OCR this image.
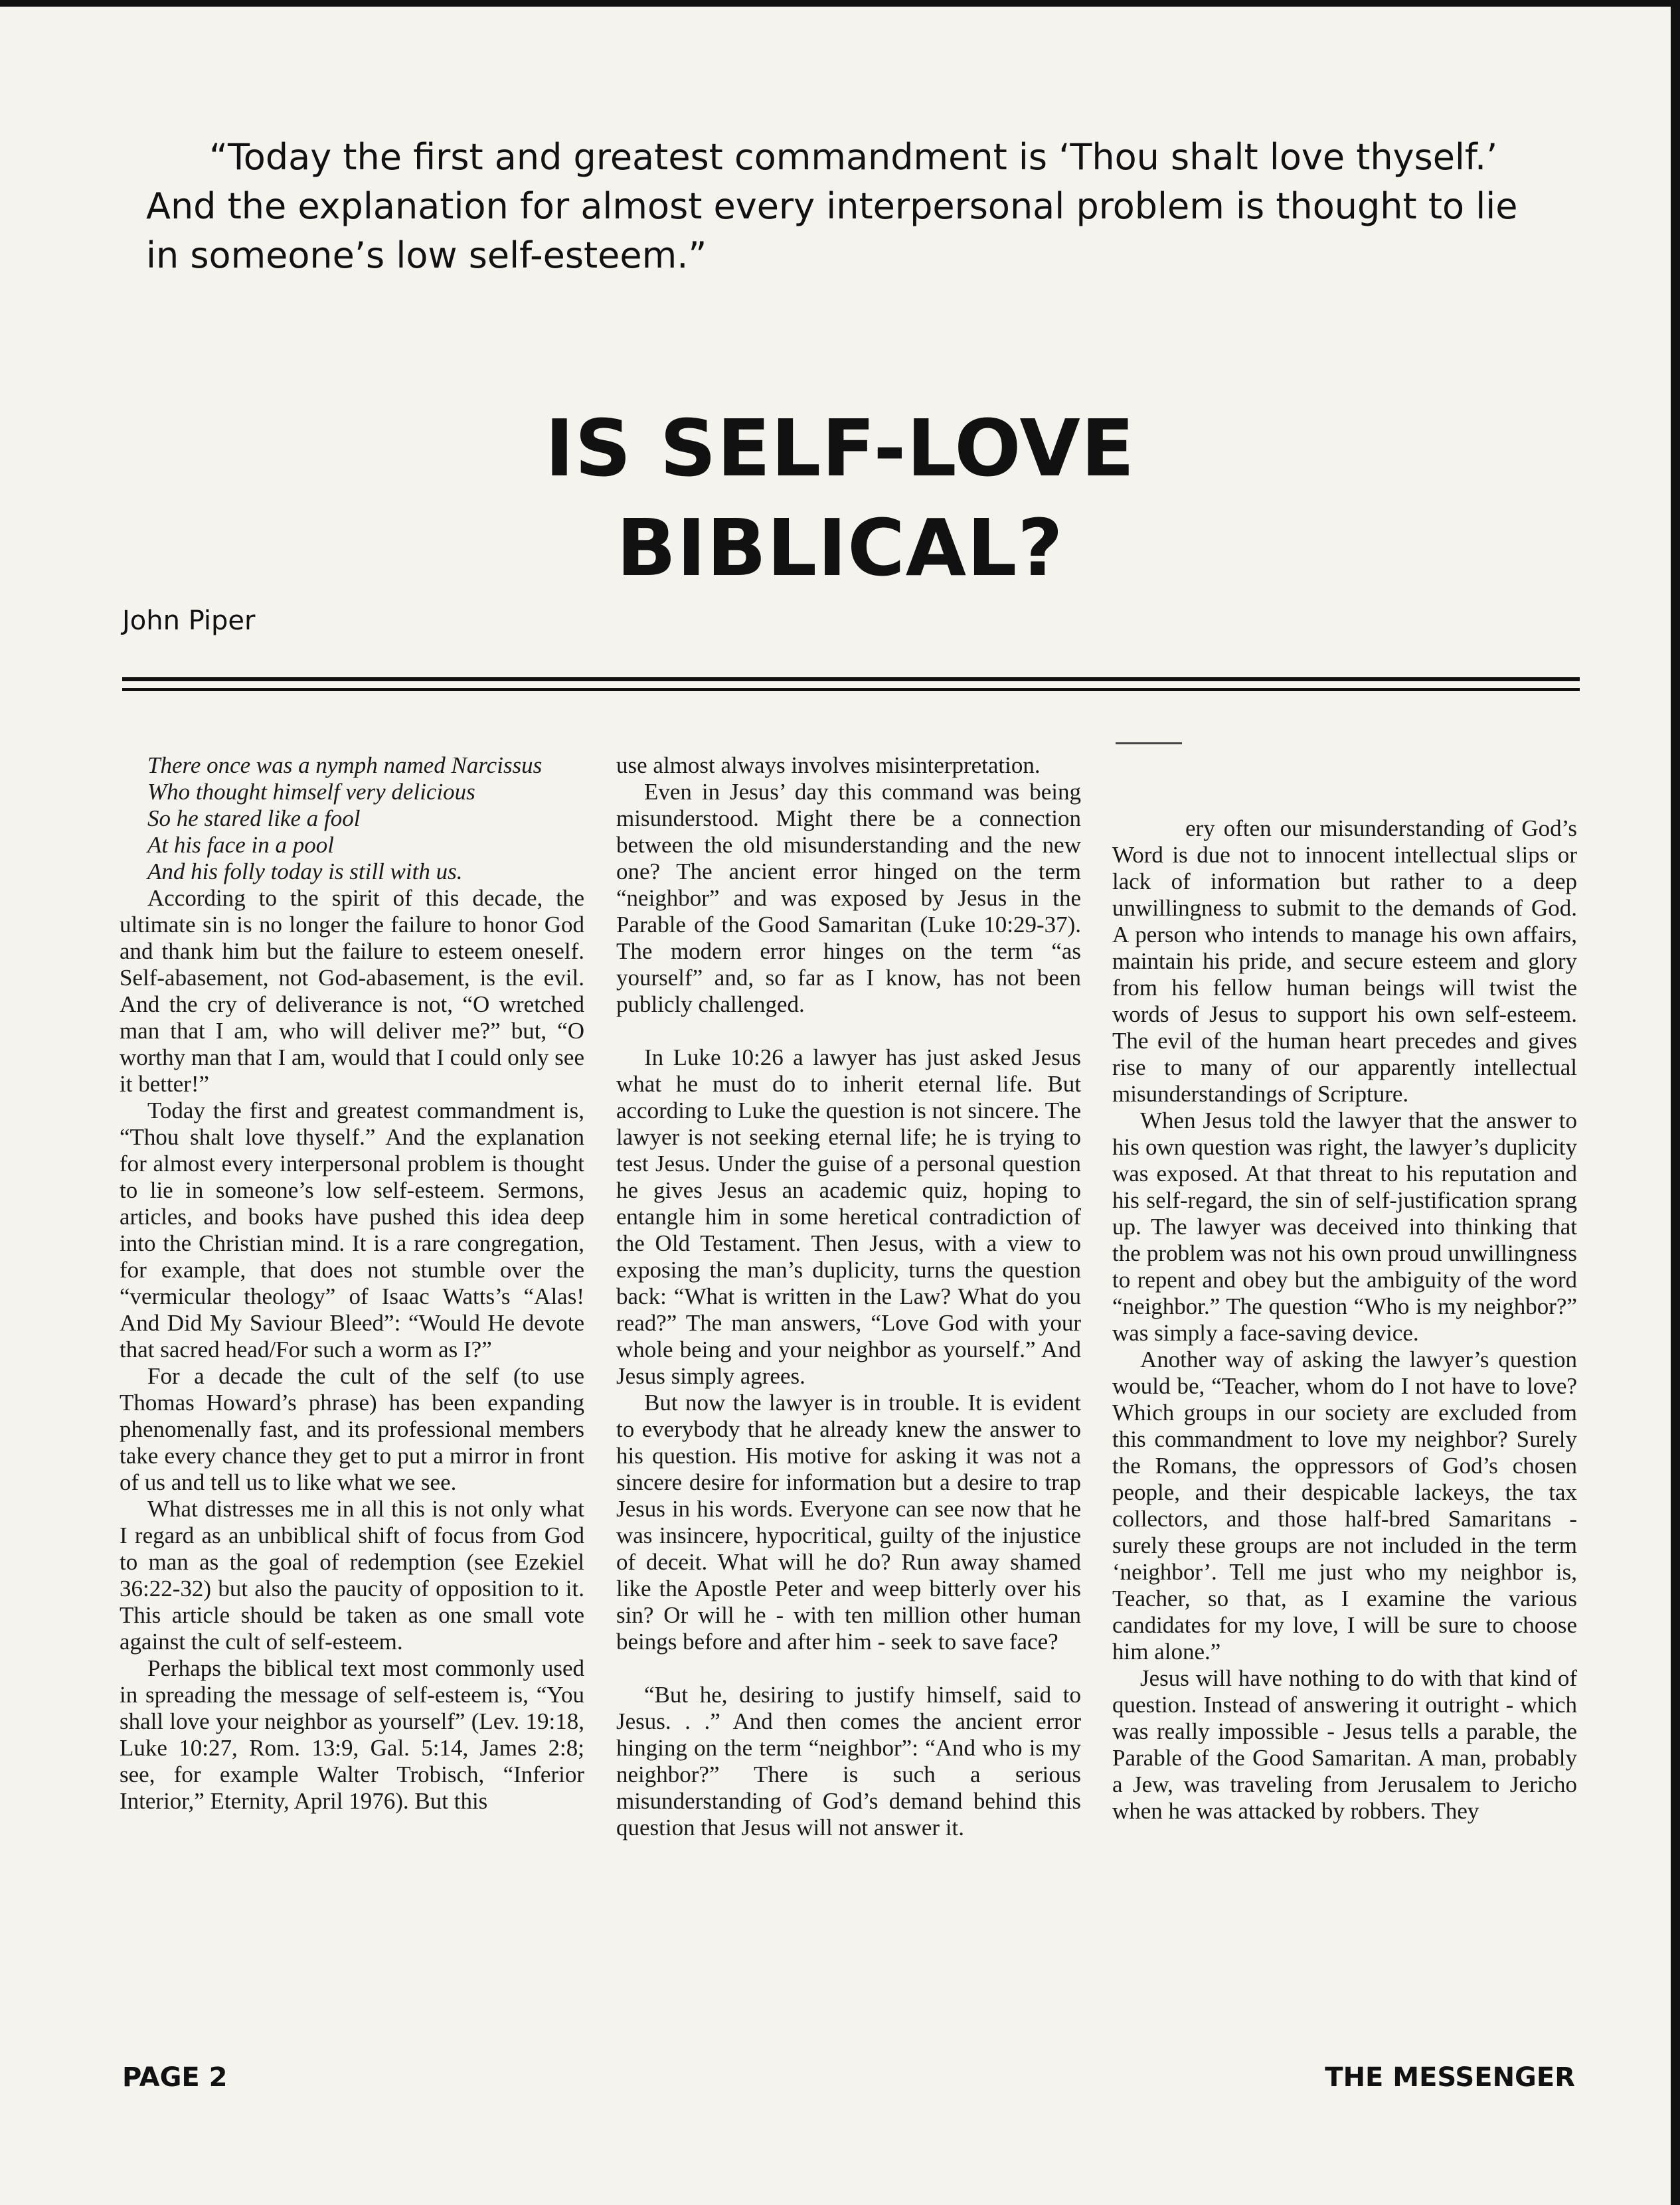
“Today the first and greatest commandment is ‘Thou shalt love thyself.’
And the explanation for almost every interpersonal problem is thought to lie
in someone’s low self-esteem.”

IS SELF-LOVE
BIBLICAL?
John Piper

There once was a nymph named Narcissus
Who thought himself very delicious
So he stared like a fool
At his face in a pool
And his folly today is still with us.

According to the spirit of this decade, the ultimate sin is no longer the failure to honor God and thank him but the failure to esteem oneself. Self-abasement, not God-abasement, is the evil. And the cry of deliverance is not, “O wretched man that I am, who will deliver me?” but, “O worthy man that I am, would that I could only see it better!”

Today the first and greatest commandment is, “Thou shalt love thyself.” And the explanation for almost every interpersonal problem is thought to lie in someone’s low self-esteem. Sermons, articles, and books have pushed this idea deep into the Christian mind. It is a rare congregation, for example, that does not stumble over the “vermicular theology” of Isaac Watts’s “Alas! And Did My Saviour Bleed”: “Would He devote that sacred head/For such a worm as I?”

For a decade the cult of the self (to use Thomas Howard’s phrase) has been expanding phenomenally fast, and its professional members take every chance they get to put a mirror in front of us and tell us to like what we see.

What distresses me in all this is not only what I regard as an unbiblical shift of focus from God to man as the goal of redemption (see Ezekiel 36:22-32) but also the paucity of opposition to it. This article should be taken as one small vote against the cult of self-esteem.

Perhaps the biblical text most commonly used in spreading the message of self-esteem is, “You shall love your neighbor as yourself” (Lev. 19:18, Luke 10:27, Rom. 13:9, Gal. 5:14, James 2:8; see, for example Walter Trobisch, “Inferior Interior,” Eternity, April 1976). But this

use almost always involves misinterpretation.

Even in Jesus’ day this command was being misunderstood. Might there be a connection between the old misunderstanding and the new one? The ancient error hinged on the term “neighbor” and was exposed by Jesus in the Parable of the Good Samaritan (Luke 10:29-37). The modern error hinges on the term “as yourself” and, so far as I know, has not been publicly challenged.

In Luke 10:26 a lawyer has just asked Jesus what he must do to inherit eternal life. But according to Luke the question is not sincere. The lawyer is not seeking eternal life; he is trying to test Jesus. Under the guise of a personal question he gives Jesus an academic quiz, hoping to entangle him in some heretical contradiction of the Old Testament. Then Jesus, with a view to exposing the man’s duplicity, turns the question back: “What is written in the Law? What do you read?” The man answers, “Love God with your whole being and your neighbor as yourself.” And Jesus simply agrees.

But now the lawyer is in trouble. It is evident to everybody that he already knew the answer to his question. His motive for asking it was not a sincere desire for information but a desire to trap Jesus in his words. Everyone can see now that he was insincere, hypocritical, guilty of the injustice of deceit. What will he do? Run away shamed like the Apostle Peter and weep bitterly over his sin? Or will he - with ten million other human beings before and after him - seek to save face?

“But he, desiring to justify himself, said to Jesus. . .” And then comes the ancient error hinging on the term “neighbor”: “And who is my neighbor?” There is such a serious misunderstanding of God’s demand behind this question that Jesus will not answer it.

ery often our misunderstanding of God’s Word is due not to innocent intellectual slips or lack of information but rather to a deep unwillingness to submit to the demands of God. A person who intends to manage his own affairs, maintain his pride, and secure esteem and glory from his fellow human beings will twist the words of Jesus to support his own self-esteem. The evil of the human heart precedes and gives rise to many of our apparently intellectual misunderstandings of Scripture.

When Jesus told the lawyer that the answer to his own question was right, the lawyer’s duplicity was exposed. At that threat to his reputation and his self-regard, the sin of self-justification sprang up. The lawyer was deceived into thinking that the problem was not his own proud unwillingness to repent and obey but the ambiguity of the word “neighbor.” The question “Who is my neighbor?” was simply a face-saving device.

Another way of asking the lawyer’s question would be, “Teacher, whom do I not have to love? Which groups in our society are excluded from this commandment to love my neighbor? Surely the Romans, the oppressors of God’s chosen people, and their despicable lackeys, the tax collectors, and those half-bred Samaritans - surely these groups are not included in the term ‘neighbor’. Tell me just who my neighbor is, Teacher, so that, as I examine the various candidates for my love, I will be sure to choose him alone.”

Jesus will have nothing to do with that kind of question. Instead of answering it outright - which was really impossible - Jesus tells a parable, the Parable of the Good Samaritan. A man, probably a Jew, was traveling from Jerusalem to Jericho when he was attacked by robbers. They

PAGE 2	THE MESSENGER
